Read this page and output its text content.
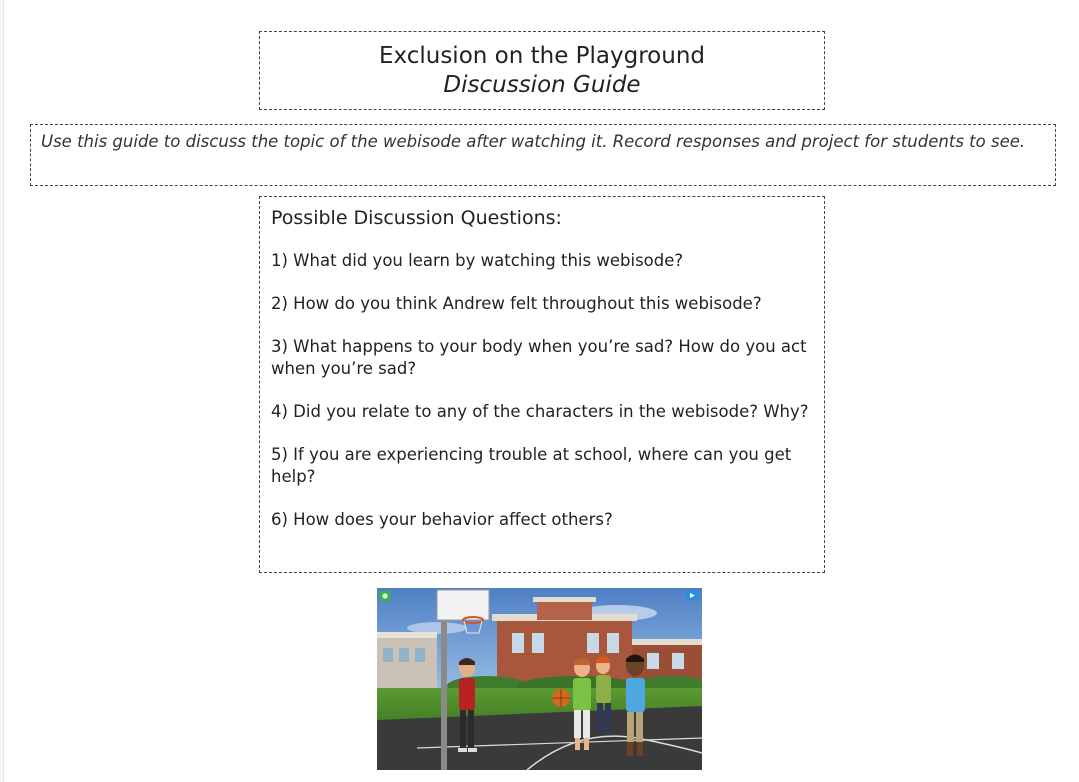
Exclusion on the Playground
Discussion Guide
Use this guide to discuss the topic of the webisode after watching it. Record responses and project for students to see.
Possible Discussion Questions:
1) What did you learn by watching this webisode?
2) How do you think Andrew felt throughout this webisode?
3) What happens to your body when you’re sad? How do you act when you’re sad?
4) Did you relate to any of the characters in the webisode? Why?
5) If you are experiencing trouble at school, where can you get help?
6) How does your behavior affect others?
